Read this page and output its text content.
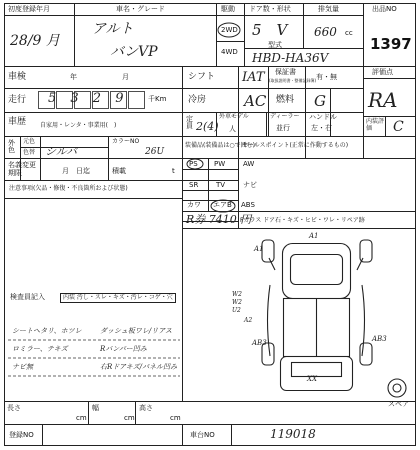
初度登録年月
28/9 月
車名・グレード
アルト
バンVP
駆動
2WD
4WD
ドア数・形状
5　V
排気量
660 cc
型式
HBD-HA36V
出品NO
1397
車検	年	月
走行 5 3 2 9	千Km
シフト IAT 保証書
(取扱説明書・整備記録簿) 有・無
冷房	AC 燃料 G
車歴 自家用・レンタ・事業用(　)
定員 2(4) 人
外車モデル	ディーラー
並行
ハンドル
左・右
評価点
RA
内装評価	C
外色
元色
シルバ
色替
カラーNO
26U
名義変更期限	月　日迄	積載	t
装備品(装備品は○で囲む)
PS PW	AW
SR	TV	ナビ
カワ エアB ABS
R券 7410 円
セールスポイント(正常に作動するもの)
Fガラス ドア石・キズ・ヒビ・ワレ・リペア跡
注意事項(欠品・修復・不良箇所および状態)
検査員記入	内装 汚し・スレ・キズ・汚レ・コゲ・穴
シートヘタリ、ホツレ	ダッシュ板ワレ/リアス
ロミラー、テキズ	Rバンパー凹み
ナビ無	右Rドアキズ/パネル凹み
A1
A1
W2
W2
U2
A2
XX
AB3	AB3
スペア
長さ
cm
幅
cm
高さ
cm
登録NO	車台NO	119018
